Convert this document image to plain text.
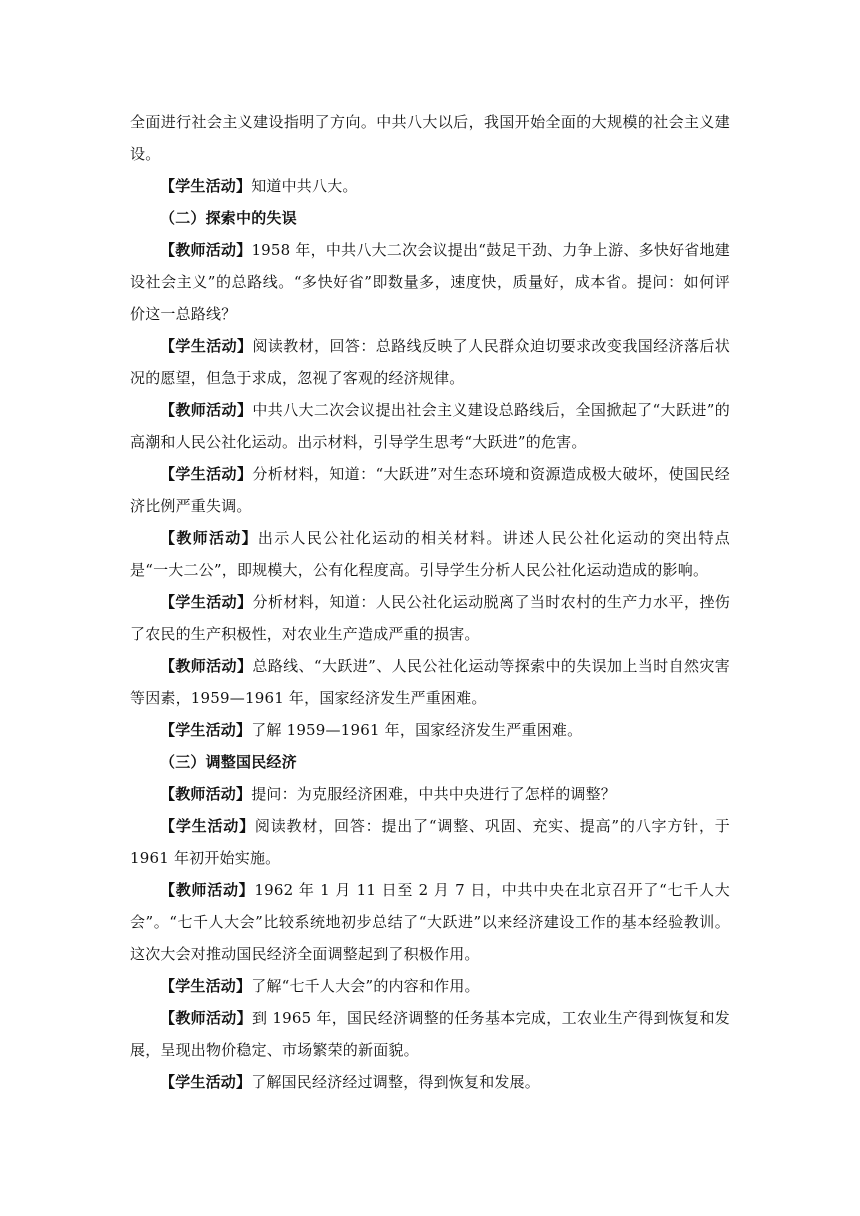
全面进行社会主义建设指明了方向。中共八大以后，我国开始全面的大规模的社会主义建设。

【学生活动】知道中共八大。

（二）探索中的失误

【教师活动】1958 年，中共八大二次会议提出“鼓足干劲、力争上游、多快好省地建设社会主义”的总路线。“多快好省”即数量多，速度快，质量好，成本省。提问：如何评价这一总路线？

【学生活动】阅读教材，回答：总路线反映了人民群众迫切要求改变我国经济落后状况的愿望，但急于求成，忽视了客观的经济规律。

【教师活动】中共八大二次会议提出社会主义建设总路线后，全国掀起了“大跃进”的高潮和人民公社化运动。出示材料，引导学生思考“大跃进”的危害。

【学生活动】分析材料，知道：“大跃进”对生态环境和资源造成极大破坏，使国民经济比例严重失调。

【教师活动】出示人民公社化运动的相关材料。讲述人民公社化运动的突出特点是“一大二公”，即规模大，公有化程度高。引导学生分析人民公社化运动造成的影响。

【学生活动】分析材料，知道：人民公社化运动脱离了当时农村的生产力水平，挫伤了农民的生产积极性，对农业生产造成严重的损害。

【教师活动】总路线、“大跃进”、人民公社化运动等探索中的失误加上当时自然灾害等因素，1959—1961 年，国家经济发生严重困难。

【学生活动】了解 1959—1961 年，国家经济发生严重困难。

（三）调整国民经济

【教师活动】提问：为克服经济困难，中共中央进行了怎样的调整？

【学生活动】阅读教材，回答：提出了“调整、巩固、充实、提高”的八字方针，于 1961 年初开始实施。

【教师活动】1962 年 1 月 11 日至 2 月 7 日，中共中央在北京召开了“七千人大会”。“七千人大会”比较系统地初步总结了“大跃进”以来经济建设工作的基本经验教训。这次大会对推动国民经济全面调整起到了积极作用。

【学生活动】了解“七千人大会”的内容和作用。

【教师活动】到 1965 年，国民经济调整的任务基本完成，工农业生产得到恢复和发展，呈现出物价稳定、市场繁荣的新面貌。

【学生活动】了解国民经济经过调整，得到恢复和发展。
